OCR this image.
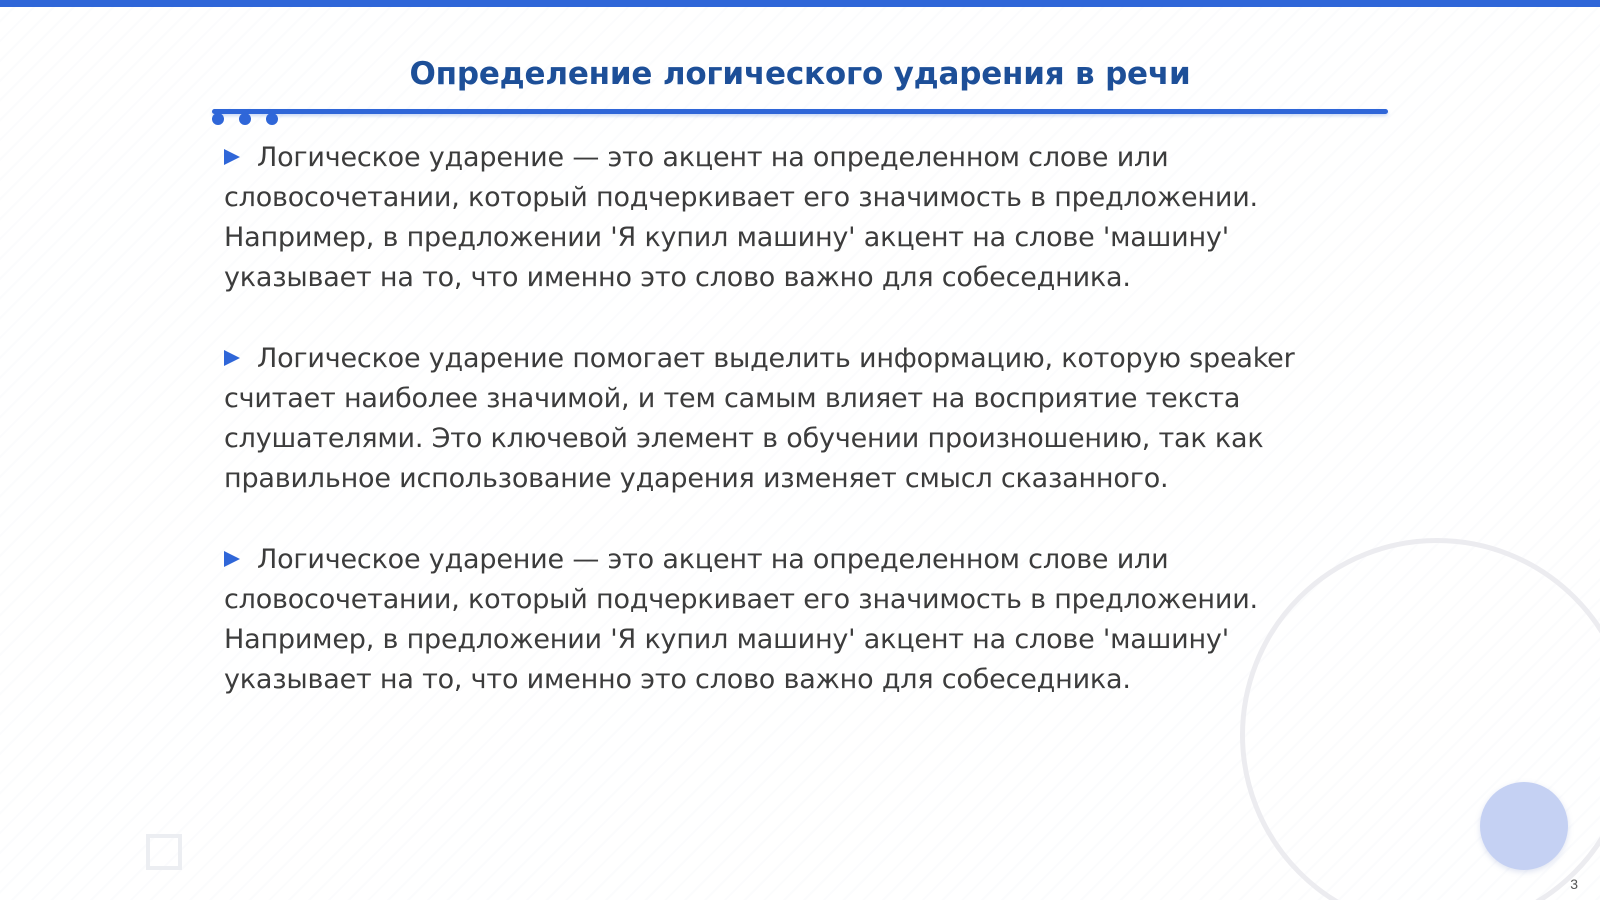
Определение логического ударения в речи

Логическое ударение — это акцент на определенном слове или словосочетании, который подчеркивает его значимость в предложении. Например, в предложении 'Я купил машину' акцент на слове 'машину' указывает на то, что именно это слово важно для собеседника.

Логическое ударение помогает выделить информацию, которую speaker считает наиболее значимой, и тем самым влияет на восприятие текста слушателями. Это ключевой элемент в обучении произношению, так как правильное использование ударения изменяет смысл сказанного.

Логическое ударение — это акцент на определенном слове или словосочетании, который подчеркивает его значимость в предложении. Например, в предложении 'Я купил машину' акцент на слове 'машину' указывает на то, что именно это слово важно для собеседника.

3
